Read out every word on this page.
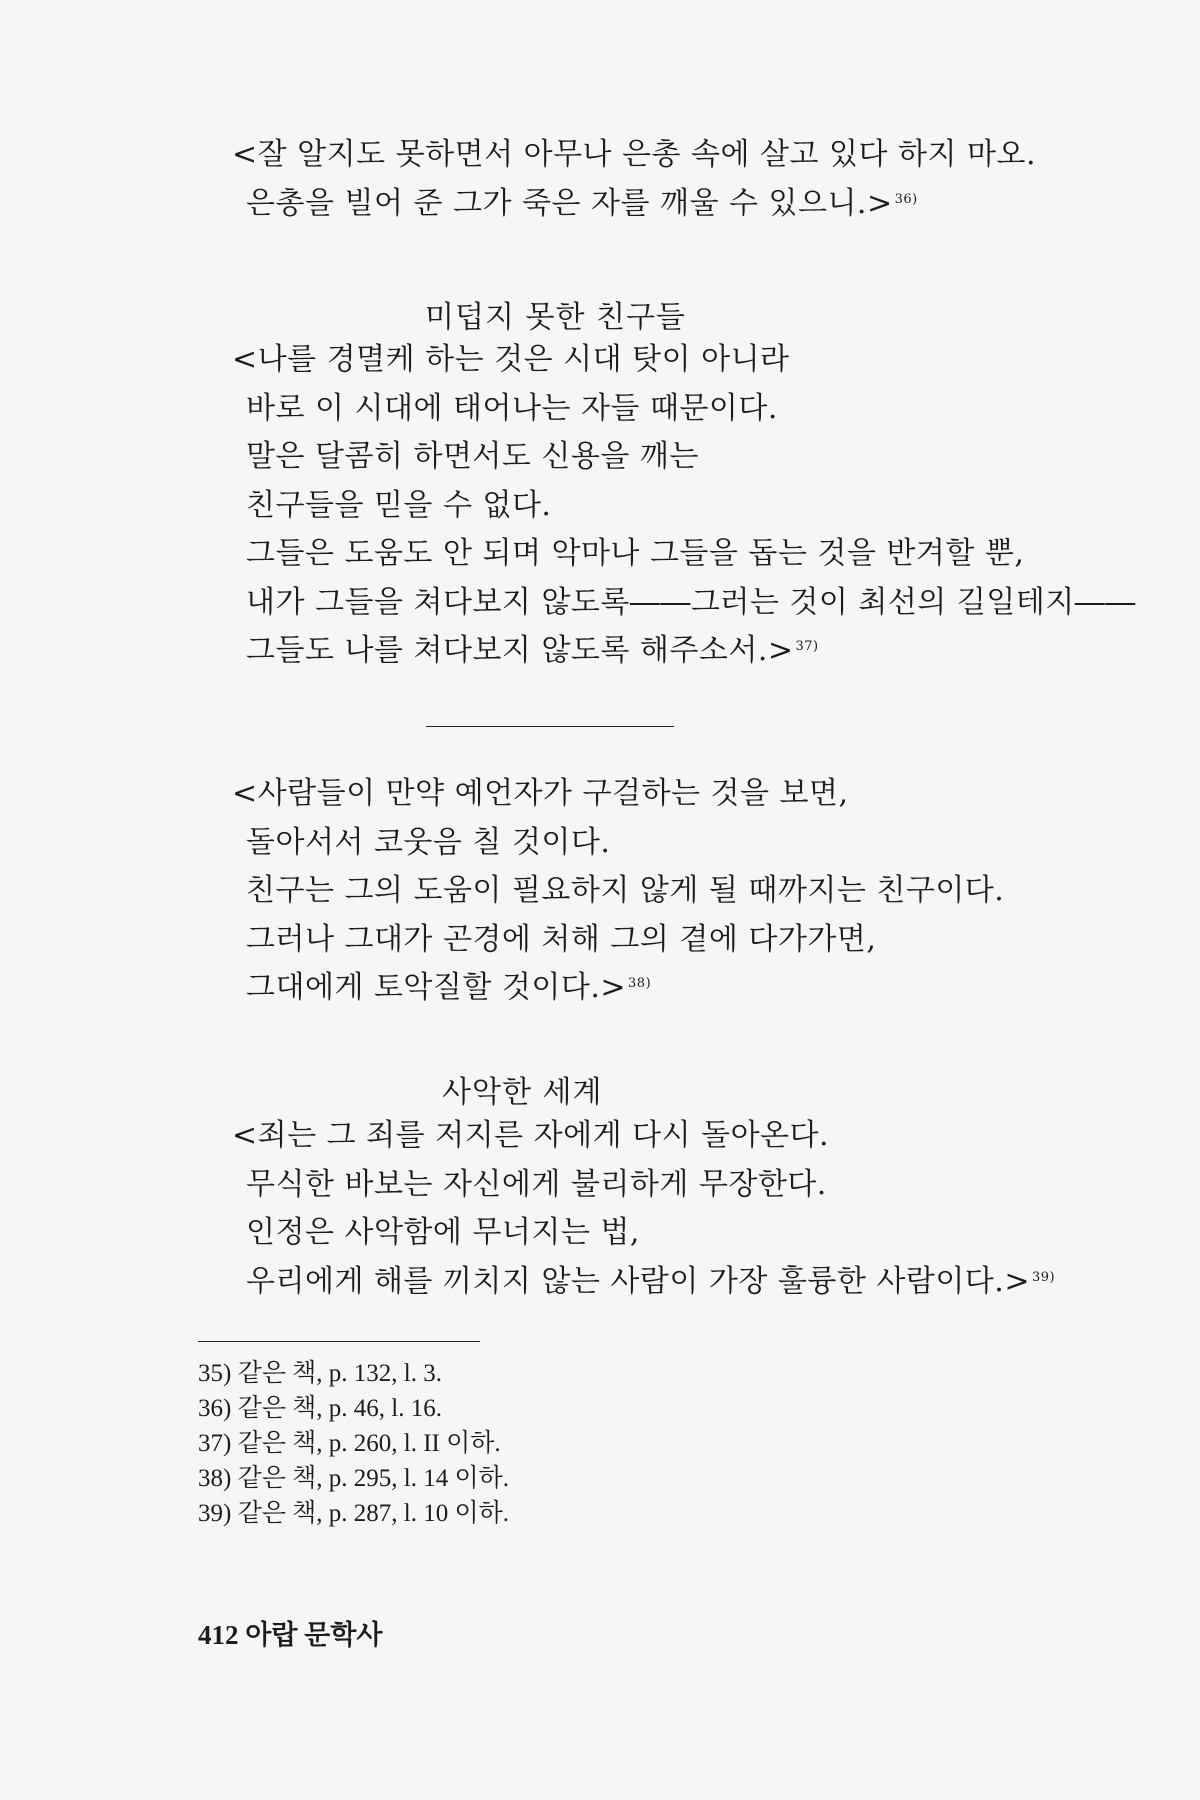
<잘 알지도 못하면서 아무나 은총 속에 살고 있다 하지 마오.
은총을 빌어 준 그가 죽은 자를 깨울 수 있으니.> $^{36)}$
미덥지 못한 친구들
<나를 경멸케 하는 것은 시대 탓이 아니라
바로 이 시대에 태어나는 자들 때문이다.
말은 달콤히 하면서도 신용을 깨는
친구들을 믿을 수 없다.
그들은 도움도 안 되며 악마나 그들을 돕는 것을 반겨할 뿐,
내가 그들을 쳐다보지 않도록――그러는 것이 최선의 길일테지――
그들도 나를 쳐다보지 않도록 해주소서.> $^{37)}$
<사람들이 만약 예언자가 구걸하는 것을 보면,
돌아서서 코웃음 칠 것이다.
친구는 그의 도움이 필요하지 않게 될 때까지는 친구이다.
그러나 그대가 곤경에 처해 그의 곁에 다가가면,
그대에게 토악질할 것이다.> $^{38)}$
사악한 세계
<죄는 그 죄를 저지른 자에게 다시 돌아온다.
무식한 바보는 자신에게 불리하게 무장한다.
인정은 사악함에 무너지는 법,
우리에게 해를 끼치지 않는 사람이 가장 훌륭한 사람이다.> $^{39)}$
35) 같은 책, p. 132, l. 3.
36) 같은 책, p. 46, l. 16.
37) 같은 책, p. 260, l. II 이하.
38) 같은 책, p. 295, l. 14 이하.
39) 같은 책, p. 287, l. 10 이하.
412 아랍 문학사
